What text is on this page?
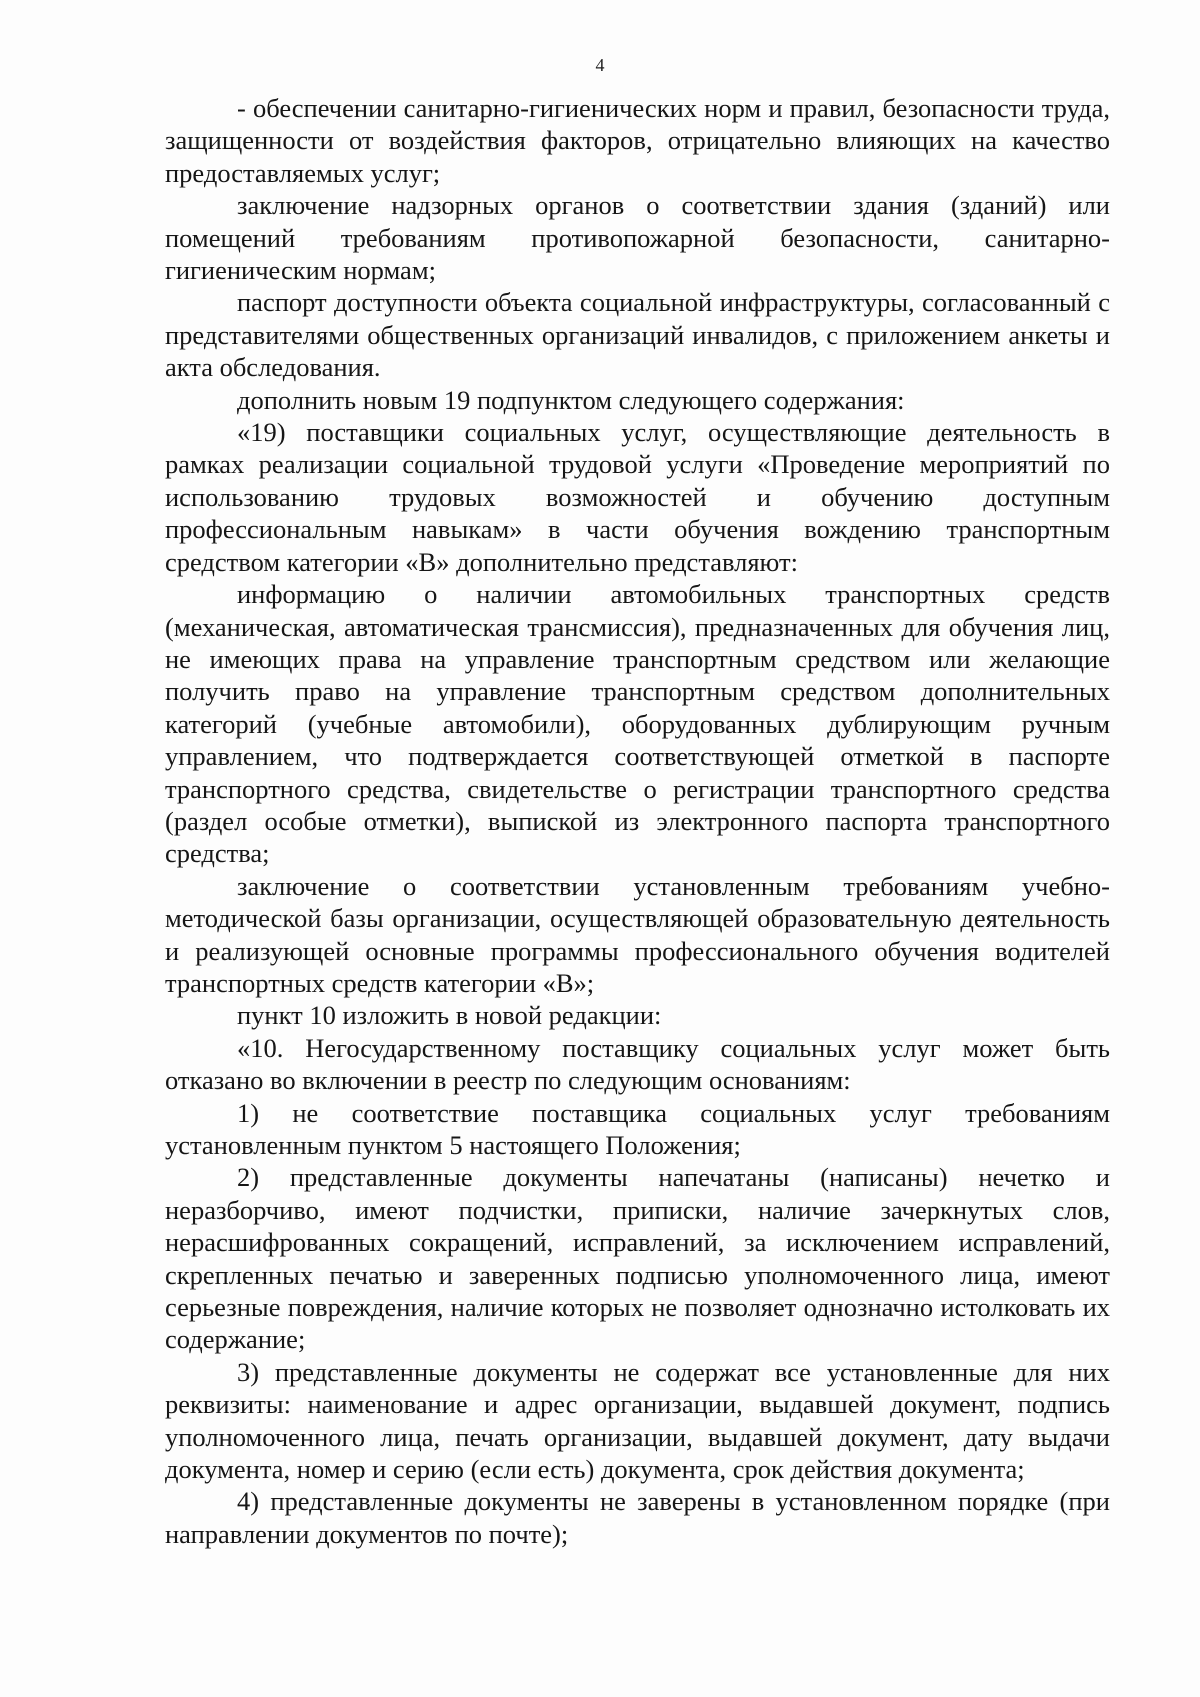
4

- обеспечении санитарно-гигиенических норм и правил, безопасности труда, защищенности от воздействия факторов, отрицательно влияющих на качество предоставляемых услуг;

заключение надзорных органов о соответствии здания (зданий) или помещений требованиям противопожарной безопасности, санитарно-гигиеническим нормам;

паспорт доступности объекта социальной инфраструктуры, согласованный с представителями общественных организаций инвалидов, с приложением анкеты и акта обследования.

дополнить новым 19 подпунктом следующего содержания:

«19) поставщики социальных услуг, осуществляющие деятельность в рамках реализации социальной трудовой услуги «Проведение мероприятий по использованию трудовых возможностей и обучению доступным профессиональным навыкам» в части обучения вождению транспортным средством категории «В» дополнительно представляют:

информацию о наличии автомобильных транспортных средств (механическая, автоматическая трансмиссия), предназначенных для обучения лиц, не имеющих права на управление транспортным средством или желающие получить право на управление транспортным средством дополнительных категорий (учебные автомобили), оборудованных дублирующим ручным управлением, что подтверждается соответствующей отметкой в паспорте транспортного средства, свидетельстве о регистрации транспортного средства (раздел особые отметки), выпиской из электронного паспорта транспортного средства;

заключение о соответствии установленным требованиям учебно-методической базы организации, осуществляющей образовательную деятельность и реализующей основные программы профессионального обучения водителей транспортных средств категории «В»;

пункт 10 изложить в новой редакции:

«10. Негосударственному поставщику социальных услуг может быть отказано во включении в реестр по следующим основаниям:

1) не соответствие поставщика социальных услуг требованиям установленным пунктом 5 настоящего Положения;

2) представленные документы напечатаны (написаны) нечетко и неразборчиво, имеют подчистки, приписки, наличие зачеркнутых слов, нерасшифрованных сокращений, исправлений, за исключением исправлений, скрепленных печатью и заверенных подписью уполномоченного лица, имеют серьезные повреждения, наличие которых не позволяет однозначно истолковать их содержание;

3) представленные документы не содержат все установленные для них реквизиты: наименование и адрес организации, выдавшей документ, подпись уполномоченного лица, печать организации, выдавшей документ, дату выдачи документа, номер и серию (если есть) документа, срок действия документа;

4) представленные документы не заверены в установленном порядке (при направлении документов по почте);
